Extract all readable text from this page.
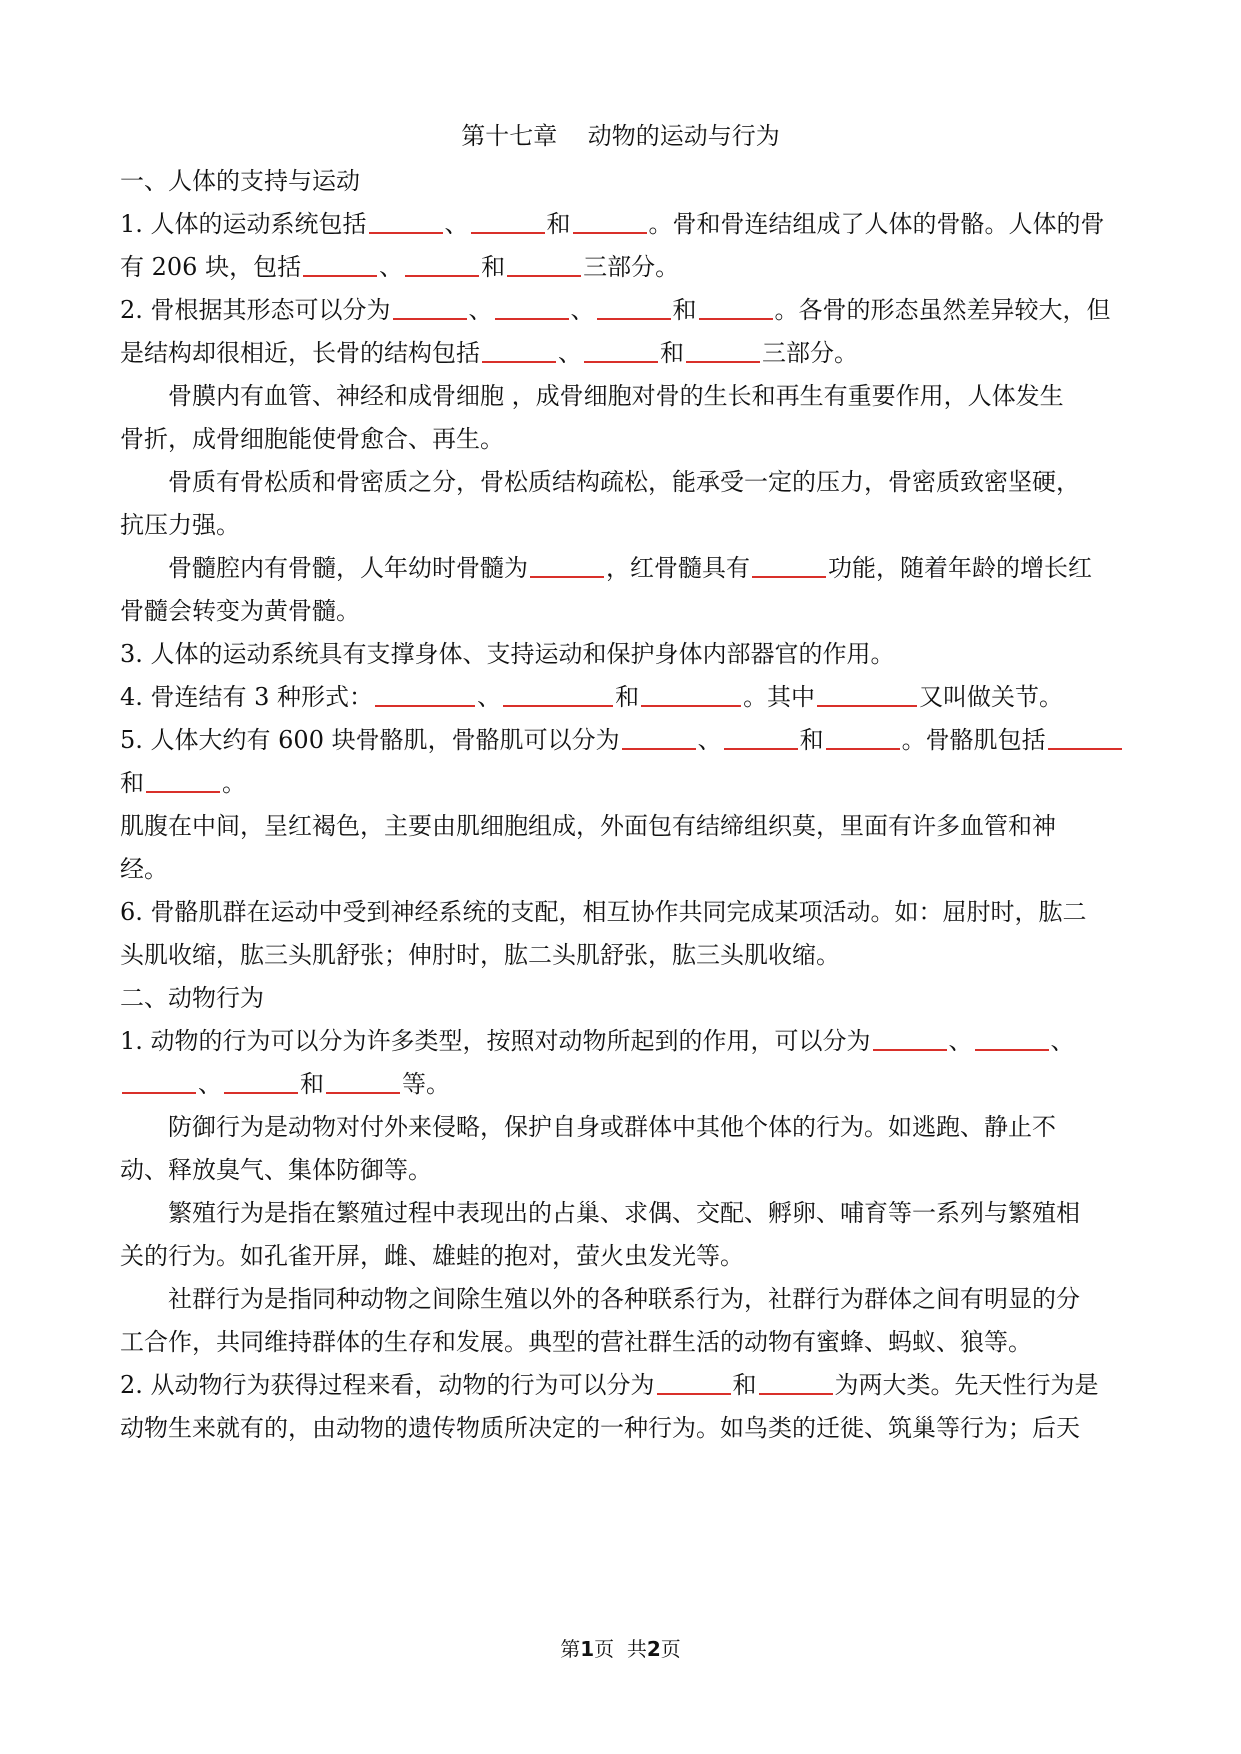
第十七章    动物的运动与行为
一、人体的支持与运动
1. 人体的运动系统包括	、	和	。骨和骨连结组成了人体的骨骼。人体的骨
有 206 块，包括	、	和	三部分。
2. 骨根据其形态可以分为	、	、	和	。各骨的形态虽然差异较大，但
是结构却很相近，长骨的结构包括	、	和	三部分。
骨膜内有血管、神经和成骨细胞 ，成骨细胞对骨的生长和再生有重要作用，人体发生
骨折，成骨细胞能使骨愈合、再生。
骨质有骨松质和骨密质之分，骨松质结构疏松，能承受一定的压力，骨密质致密坚硬，
抗压力强。
骨髓腔内有骨髓，人年幼时骨髓为	，红骨髓具有	功能，随着年龄的增长红
骨髓会转变为黄骨髓。
3. 人体的运动系统具有支撑身体、支持运动和保护身体内部器官的作用。
4. 骨连结有 3 种形式：	、	和	。其中	又叫做关节。
5. 人体大约有 600 块骨骼肌，骨骼肌可以分为	、	和	。骨骼肌包括
和	。
肌腹在中间，呈红褐色，主要由肌细胞组成，外面包有结缔组织莫，里面有许多血管和神
经。
6. 骨骼肌群在运动中受到神经系统的支配，相互协作共同完成某项活动。如：屈肘时，肱二
头肌收缩，肱三头肌舒张；伸肘时，肱二头肌舒张，肱三头肌收缩。
二、动物行为
1. 动物的行为可以分为许多类型，按照对动物所起到的作用，可以分为	、	、
、	和	等。
防御行为是动物对付外来侵略，保护自身或群体中其他个体的行为。如逃跑、静止不
动、释放臭气、集体防御等。
繁殖行为是指在繁殖过程中表现出的占巢、求偶、交配、孵卵、哺育等一系列与繁殖相
关的行为。如孔雀开屏，雌、雄蛙的抱对，萤火虫发光等。
社群行为是指同种动物之间除生殖以外的各种联系行为，社群行为群体之间有明显的分
工合作，共同维持群体的生存和发展。典型的营社群生活的动物有蜜蜂、蚂蚁、狼等。
2. 从动物行为获得过程来看，动物的行为可以分为	和	为两大类。先天性行为是
动物生来就有的，由动物的遗传物质所决定的一种行为。如鸟类的迁徙、筑巢等行为；后天
第1页  共2页
